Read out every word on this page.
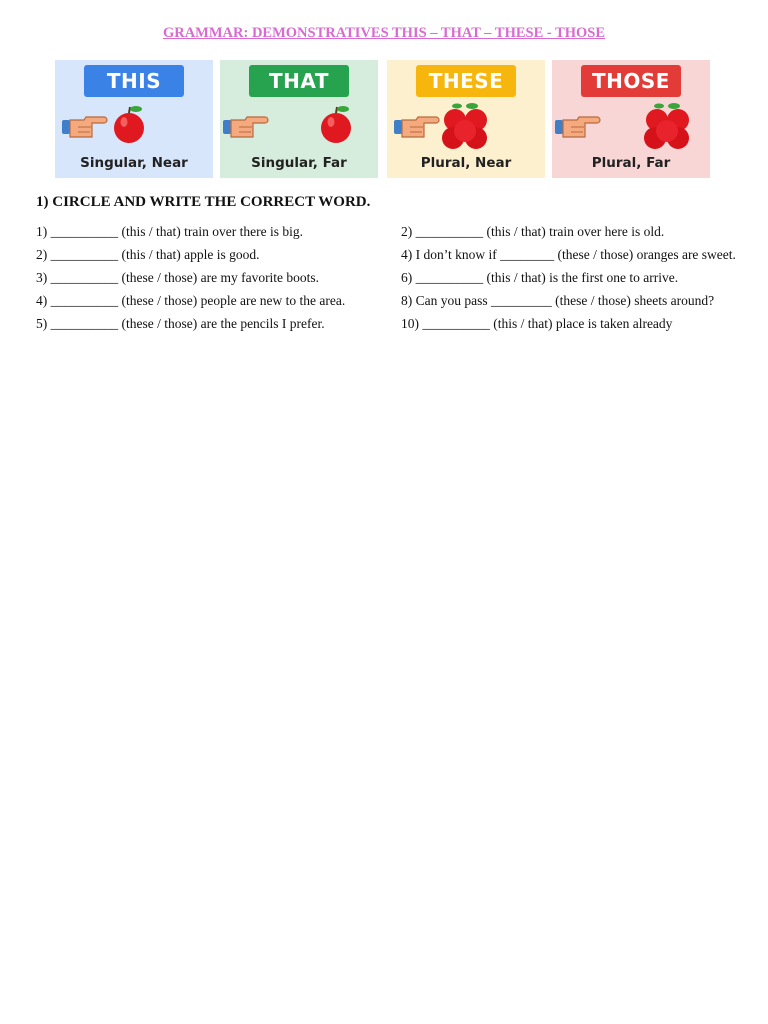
GRAMMAR: DEMONSTRATIVES THIS – THAT – THESE - THOSE
THIS
Singular, Near
THAT
Singular, Far
THESE
Plural, Near
THOSE
Plural, Far
1) CIRCLE AND WRITE THE CORRECT WORD.
1) __________ (this / that) train over there is big.
2) __________ (this / that) apple is good.
3) __________ (these / those) are my favorite boots.
4) __________ (these / those) people are new to the area.
5) __________ (these / those) are the pencils I prefer.
2) __________ (this / that) train over here is old.
4) I don’t know if ________ (these / those) oranges are sweet.
6) __________ (this / that) is the first one to arrive.
8) Can you pass _________ (these / those) sheets around?
10) __________ (this / that) place is taken already
